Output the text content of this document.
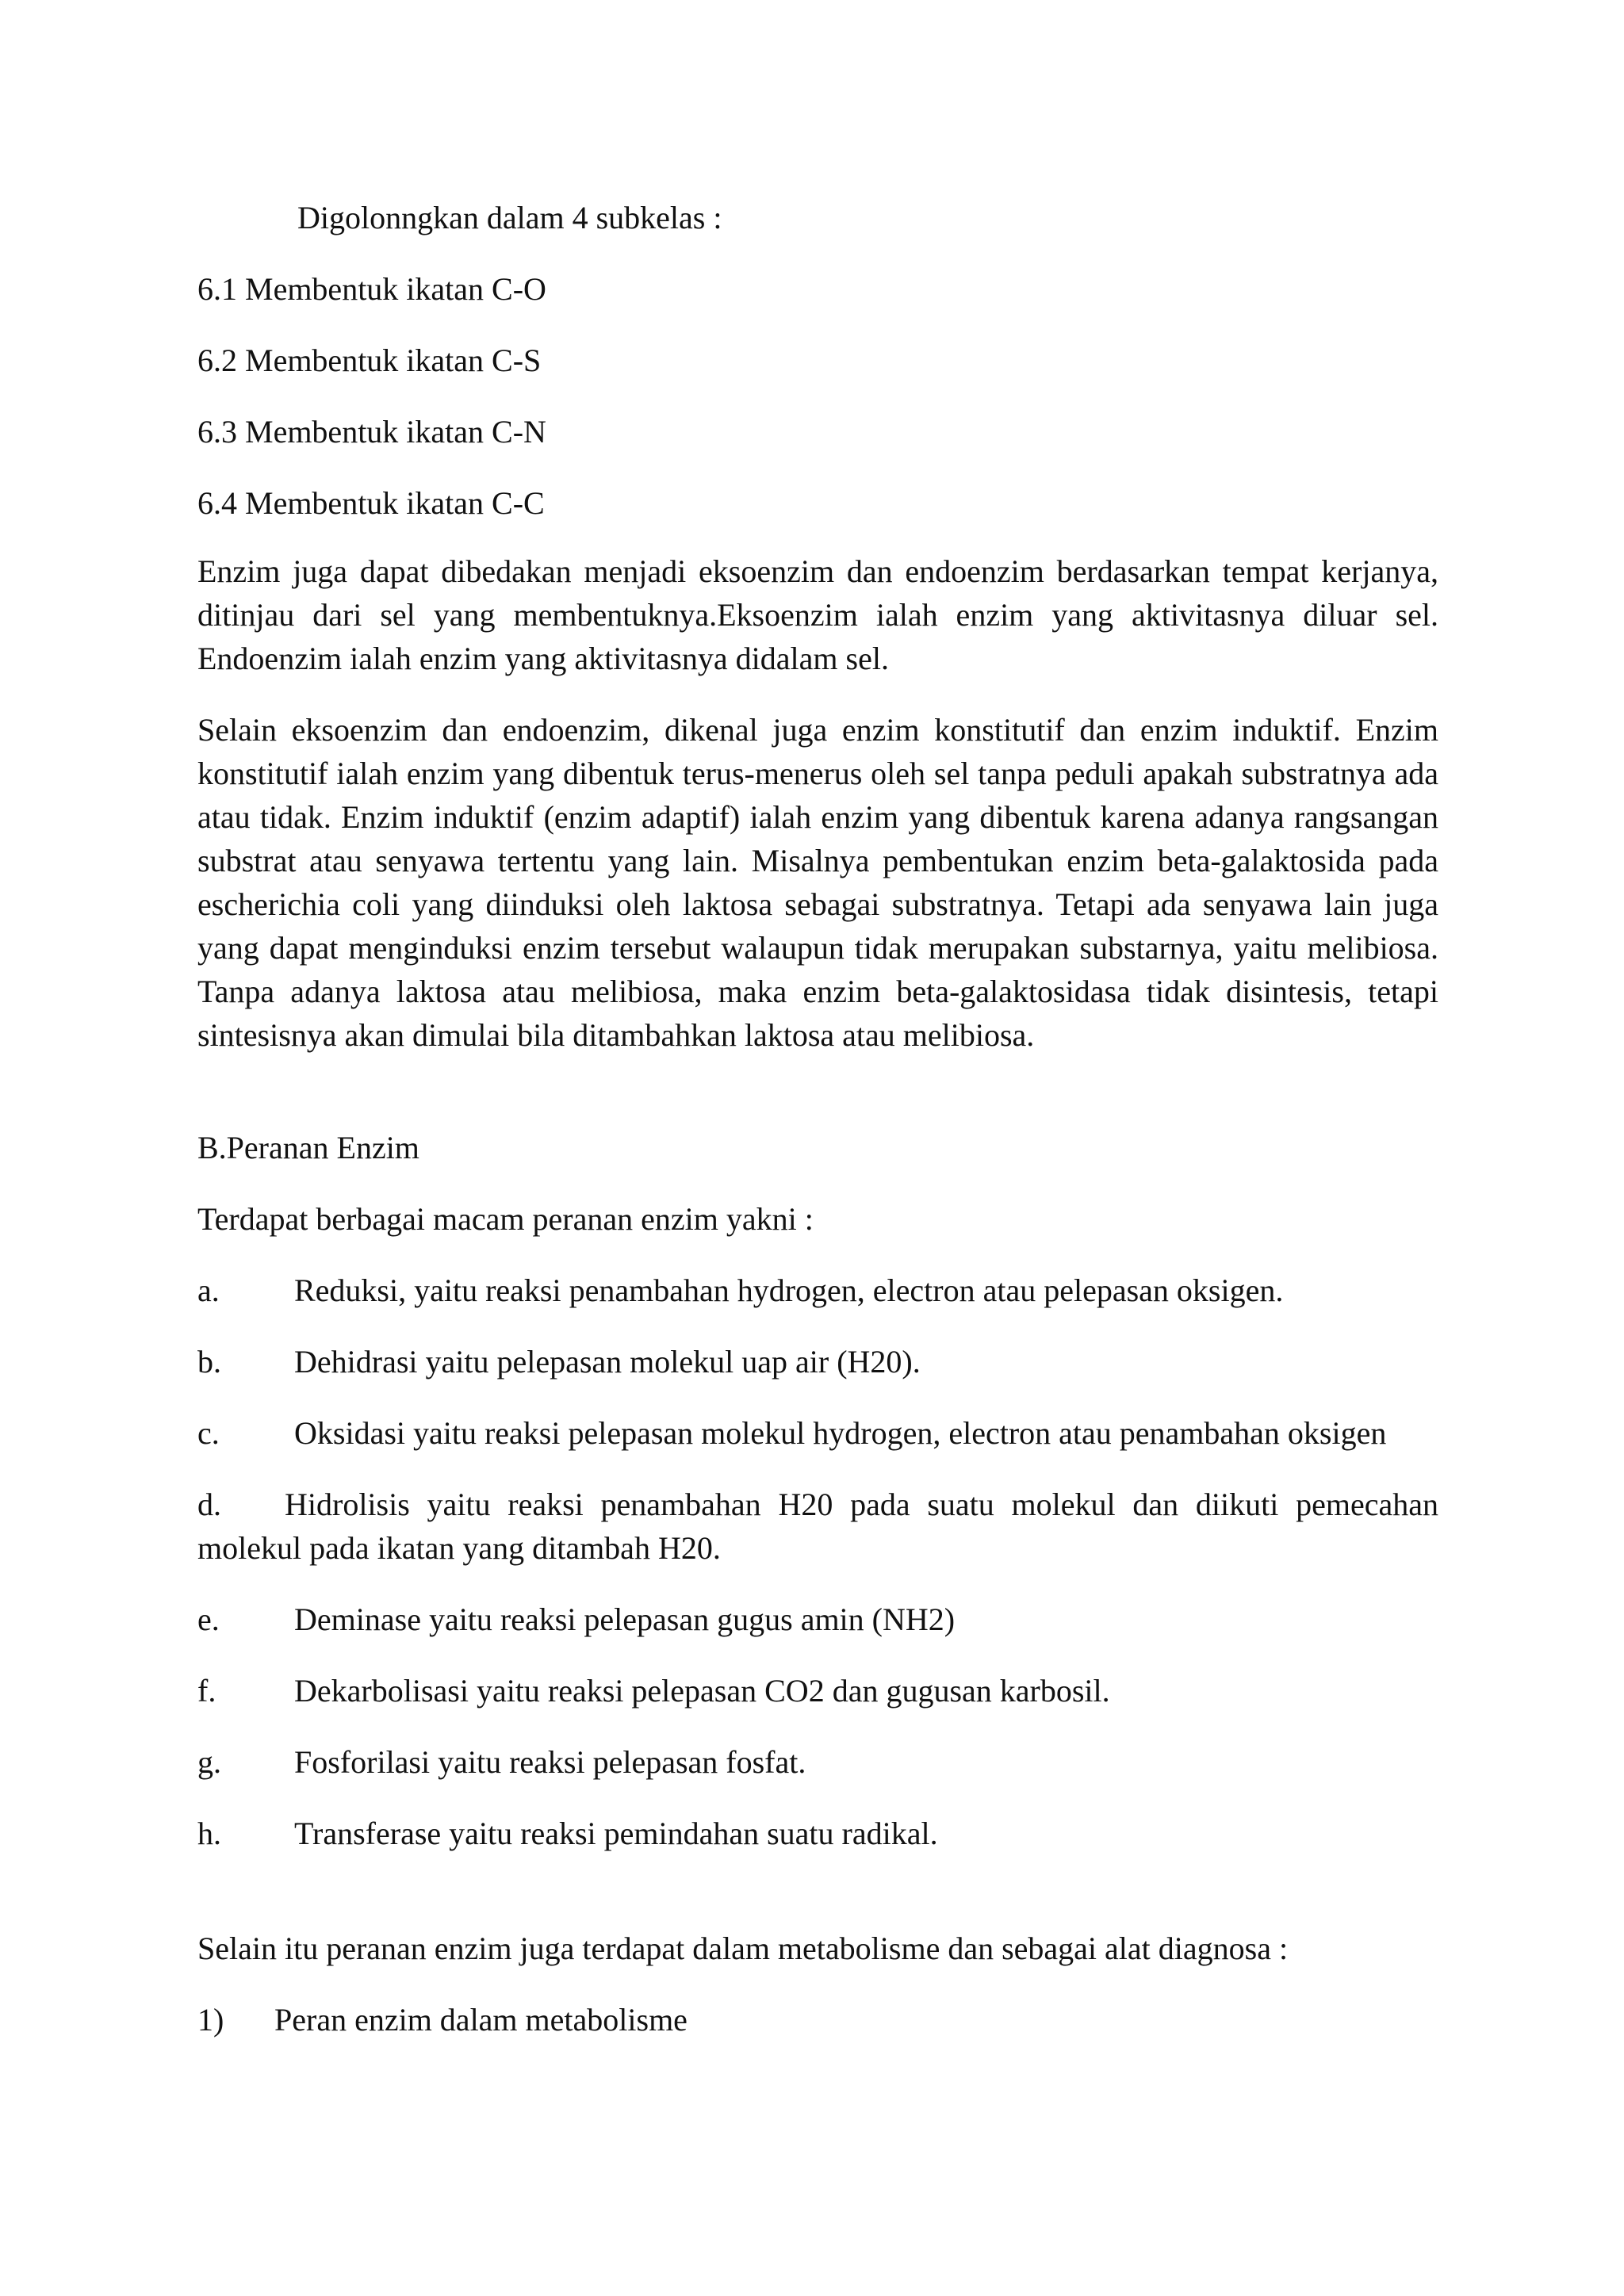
Digolonngkan dalam 4 subkelas :
6.1 Membentuk ikatan C-O
6.2 Membentuk ikatan C-S
6.3 Membentuk ikatan C-N
6.4 Membentuk ikatan C-C
Enzim juga dapat dibedakan menjadi eksoenzim dan endoenzim berdasarkan tempat kerjanya, ditinjau dari sel yang membentuknya.Eksoenzim ialah enzim yang aktivitasnya diluar sel. Endoenzim ialah enzim yang aktivitasnya didalam sel.
Selain eksoenzim dan endoenzim, dikenal juga enzim konstitutif dan enzim induktif. Enzim konstitutif ialah enzim yang dibentuk terus-menerus oleh sel tanpa peduli apakah substratnya ada atau tidak. Enzim induktif (enzim adaptif) ialah enzim yang dibentuk karena adanya rangsangan substrat atau senyawa tertentu yang lain. Misalnya pembentukan enzim beta-galaktosida pada escherichia coli yang diinduksi oleh laktosa sebagai substratnya. Tetapi ada senyawa lain juga yang dapat menginduksi enzim tersebut walaupun tidak merupakan substarnya, yaitu melibiosa. Tanpa adanya laktosa atau melibiosa, maka enzim beta-galaktosidasa tidak disintesis, tetapi sintesisnya akan dimulai bila ditambahkan laktosa atau melibiosa.
B.Peranan Enzim
Terdapat berbagai macam peranan enzim yakni :
a. Reduksi, yaitu reaksi penambahan hydrogen, electron atau pelepasan oksigen.
b. Dehidrasi yaitu pelepasan molekul uap air (H20).
c. Oksidasi yaitu reaksi pelepasan molekul hydrogen, electron atau penambahan oksigen
d. Hidrolisis yaitu reaksi penambahan H20 pada suatu molekul dan diikuti pemecahan molekul pada ikatan yang ditambah H20.
e. Deminase yaitu reaksi pelepasan gugus amin (NH2)
f. Dekarbolisasi yaitu reaksi pelepasan CO2 dan gugusan karbosil.
g. Fosforilasi yaitu reaksi pelepasan fosfat.
h. Transferase yaitu reaksi pemindahan suatu radikal.
Selain itu peranan enzim juga terdapat dalam metabolisme dan sebagai alat diagnosa :
1) Peran enzim dalam metabolisme
